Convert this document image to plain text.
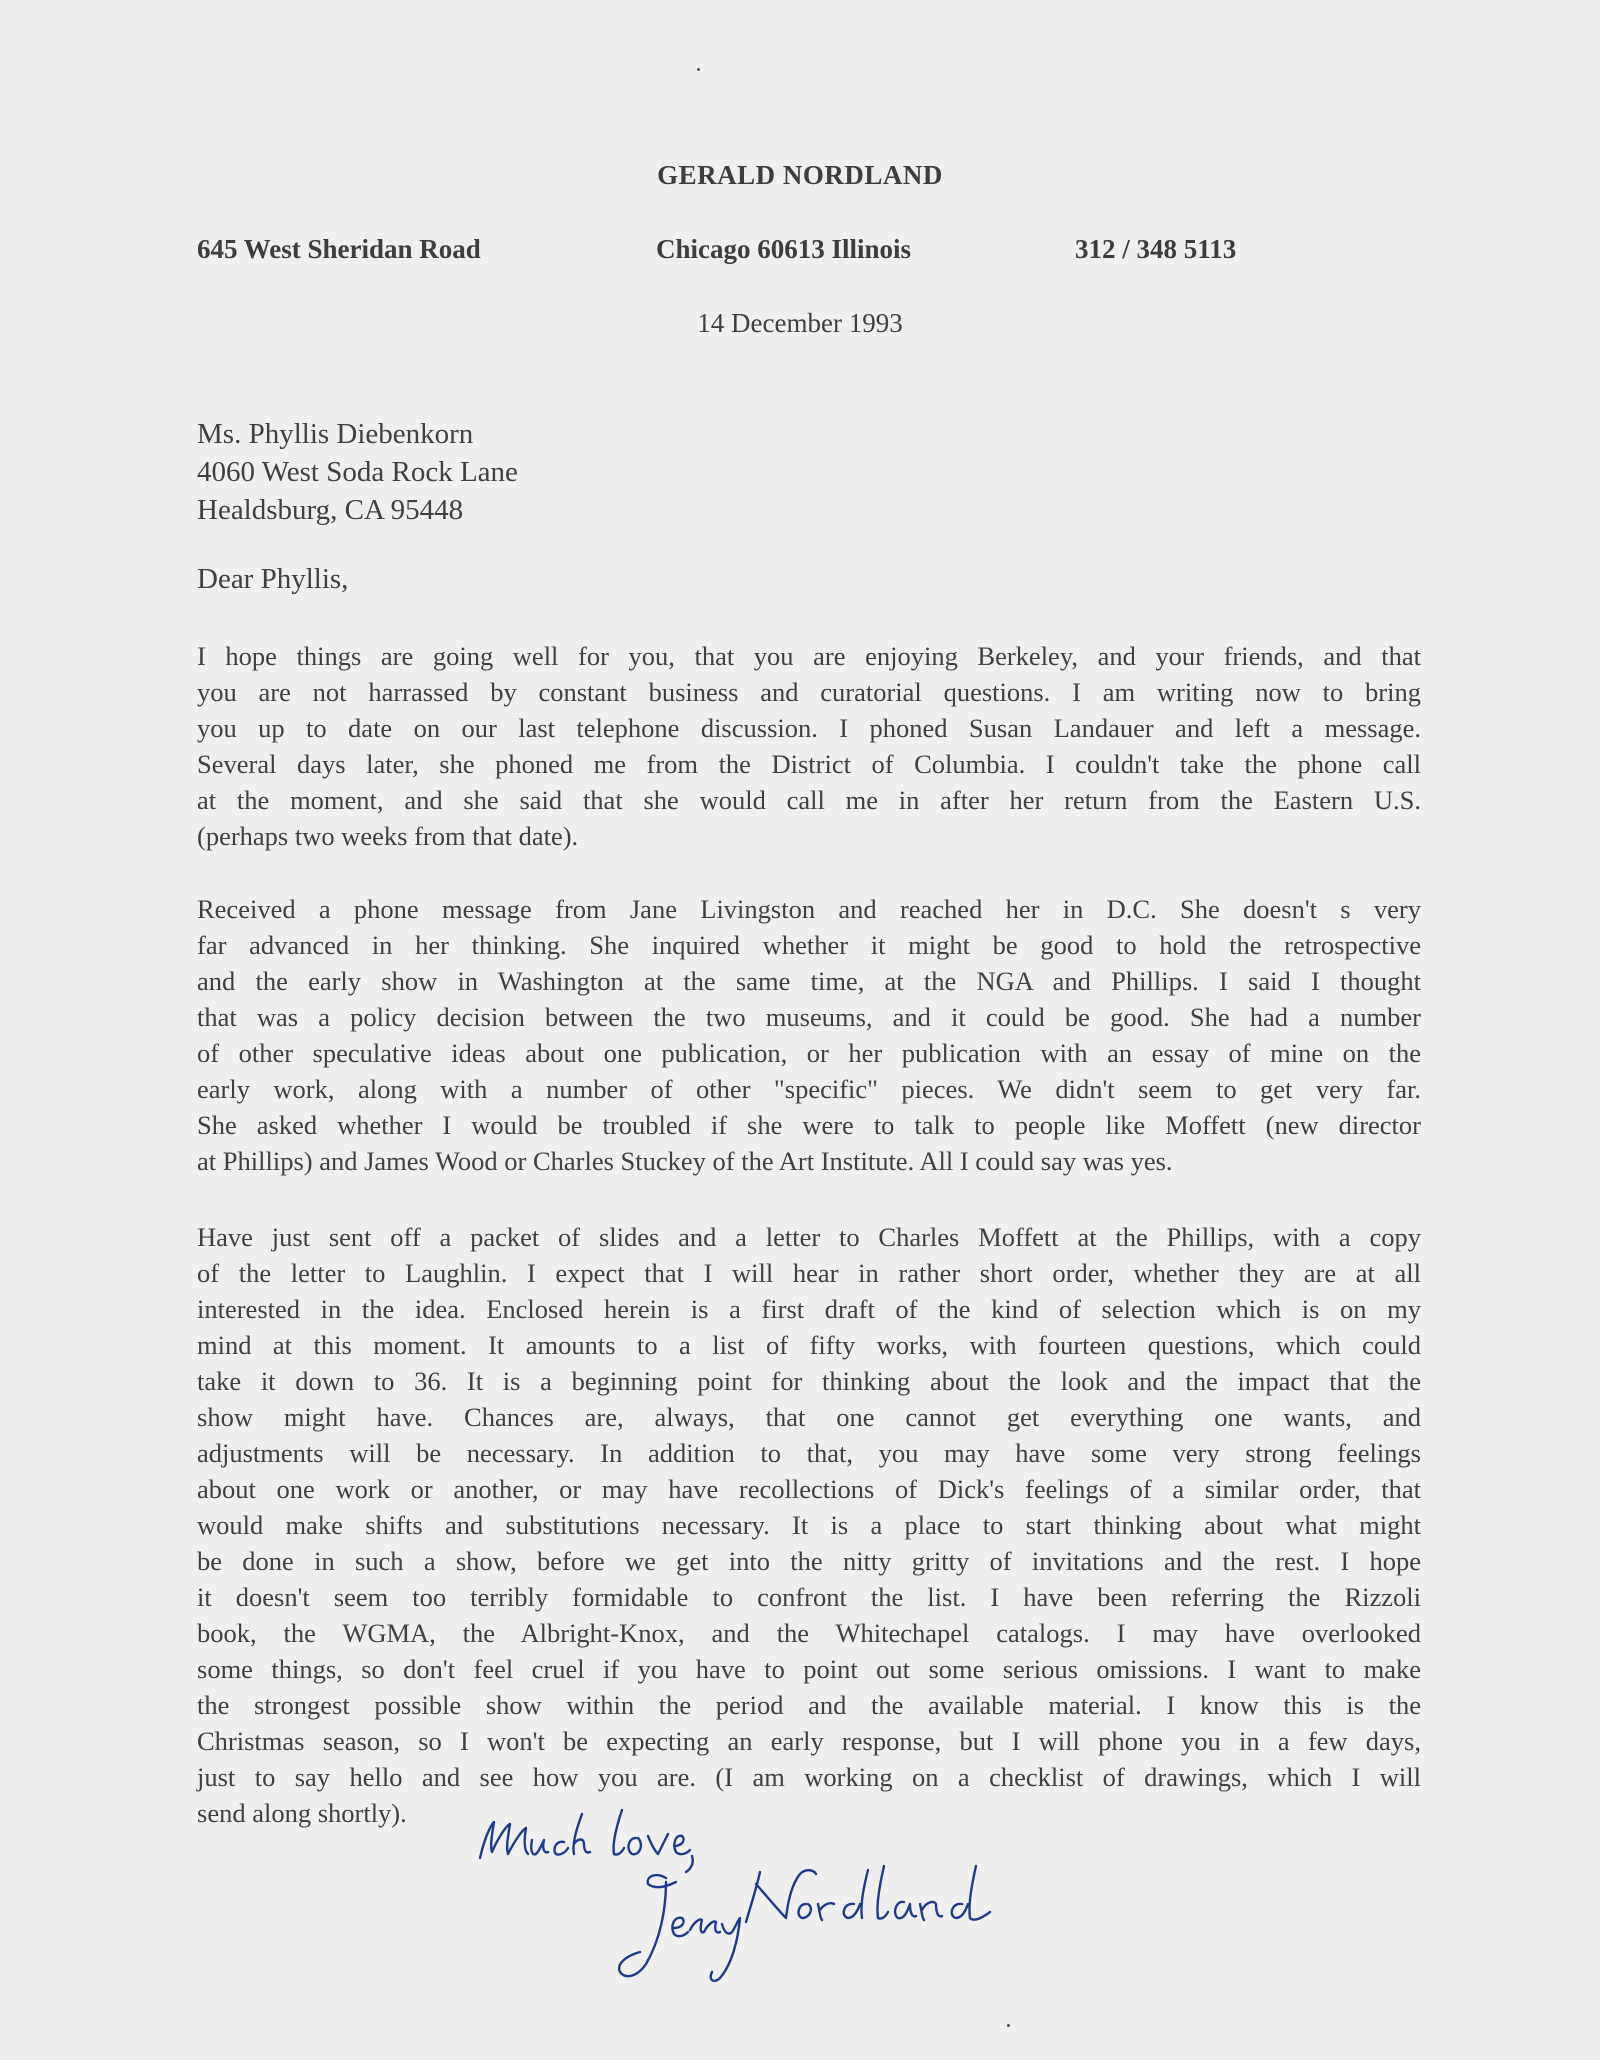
GERALD NORDLAND
645 West Sheridan Road	Chicago 60613 Illinois	312 / 348 5113
14 December 1993
Ms. Phyllis Diebenkorn
4060 West Soda Rock Lane
Healdsburg, CA 95448
Dear Phyllis,
I hope things are going well for you, that you are enjoying Berkeley, and your friends, and that
you are not harrassed by constant business and curatorial questions. I am writing now to bring
you up to date on our last telephone discussion. I phoned Susan Landauer and left a message.
Several days later, she phoned me from the District of Columbia. I couldn't take the phone call
at the moment, and she said that she would call me in after her return from the Eastern U.S.
(perhaps two weeks from that date).
Received a phone message from Jane Livingston and reached her in D.C. She doesn't s very
far advanced in her thinking. She inquired whether it might be good to hold the retrospective
and the early show in Washington at the same time, at the NGA and Phillips. I said I thought
that was a policy decision between the two museums, and it could be good. She had a number
of other speculative ideas about one publication, or her publication with an essay of mine on the
early work, along with a number of other "specific" pieces. We didn't seem to get very far.
She asked whether I would be troubled if she were to talk to people like Moffett (new director
at Phillips) and James Wood or Charles Stuckey of the Art Institute. All I could say was yes.
Have just sent off a packet of slides and a letter to Charles Moffett at the Phillips, with a copy
of the letter to Laughlin. I expect that I will hear in rather short order, whether they are at all
interested in the idea. Enclosed herein is a first draft of the kind of selection which is on my
mind at this moment. It amounts to a list of fifty works, with fourteen questions, which could
take it down to 36. It is a beginning point for thinking about the look and the impact that the
show might have. Chances are, always, that one cannot get everything one wants, and
adjustments will be necessary. In addition to that, you may have some very strong feelings
about one work or another, or may have recollections of Dick's feelings of a similar order, that
would make shifts and substitutions necessary. It is a place to start thinking about what might
be done in such a show, before we get into the nitty gritty of invitations and the rest. I hope
it doesn't seem too terribly formidable to confront the list. I have been referring the Rizzoli
book, the WGMA, the Albright-Knox, and the Whitechapel catalogs. I may have overlooked
some things, so don't feel cruel if you have to point out some serious omissions. I want to make
the strongest possible show within the period and the available material. I know this is the
Christmas season, so I won't be expecting an early response, but I will phone you in a few days,
just to say hello and see how you are. (I am working on a checklist of drawings, which I will
send along shortly).
